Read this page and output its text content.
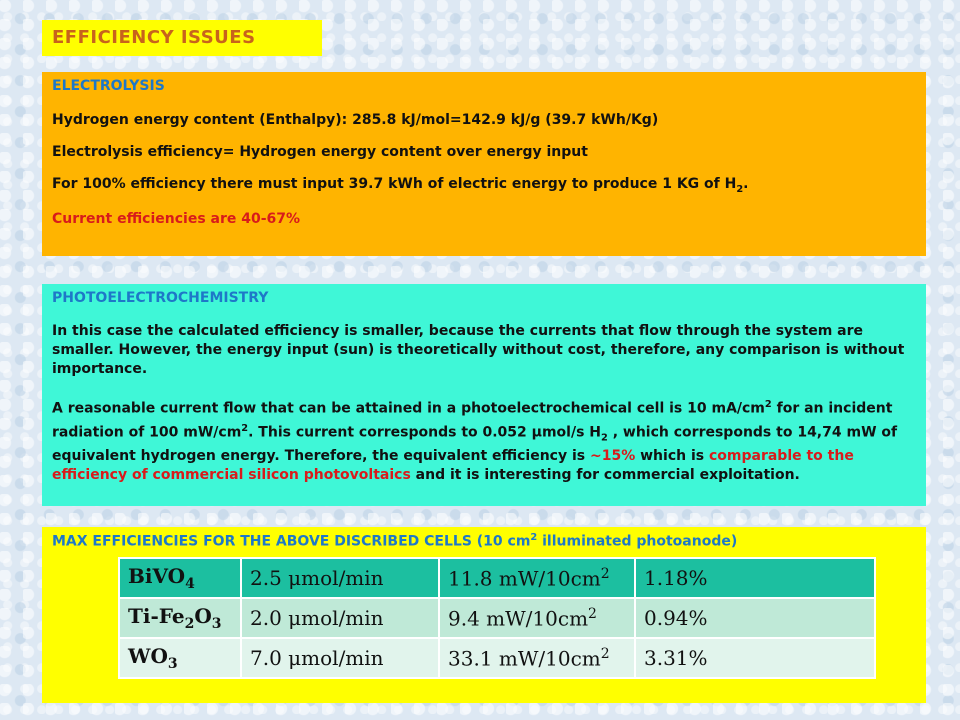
EFFICIENCY ISSUES

ELECTROLYSIS

Hydrogen energy content (Enthalpy): 285.8 kJ/mol=142.9 kJ/g (39.7 kWh/Kg)

Electrolysis efficiency= Hydrogen energy content over energy input

For 100% efficiency there must input 39.7 kWh of electric energy to produce 1 KG of $H_2$.

Current efficiencies are 40-67%

PHOTOELECTROCHEMISTRY

In this case the calculated efficiency is smaller, because the currents that flow through the system are smaller. However, the energy input (sun) is theoretically without cost, therefore, any comparison is without importance.

A reasonable current flow that can be attained in a photoelectrochemical cell is 10 $mA/cm^2$ for an incident radiation of 100 $mW/cm^2$. This current corresponds to 0.052 μmol/s $H_2$ , which corresponds to 14,74 mW of equivalent hydrogen energy. Therefore, the equivalent efficiency is ~15% which is comparable to the efficiency of commercial silicon photovoltaics and it is interesting for commercial exploitation.

MAX EFFICIENCIES FOR THE ABOVE DISCRIBED CELLS (10 $cm^2$ illuminated photoanode)

BiVO$_4$	2.5 μmol/min	11.8 $mW/10cm^2$	1.18%
$Ti-Fe_2O_3$	2.0 μmol/min	9.4 $mW/10cm^2$	0.94%
$WO_3$	7.0 μmol/min	33.1 $mW/10cm^2$	3.31%
